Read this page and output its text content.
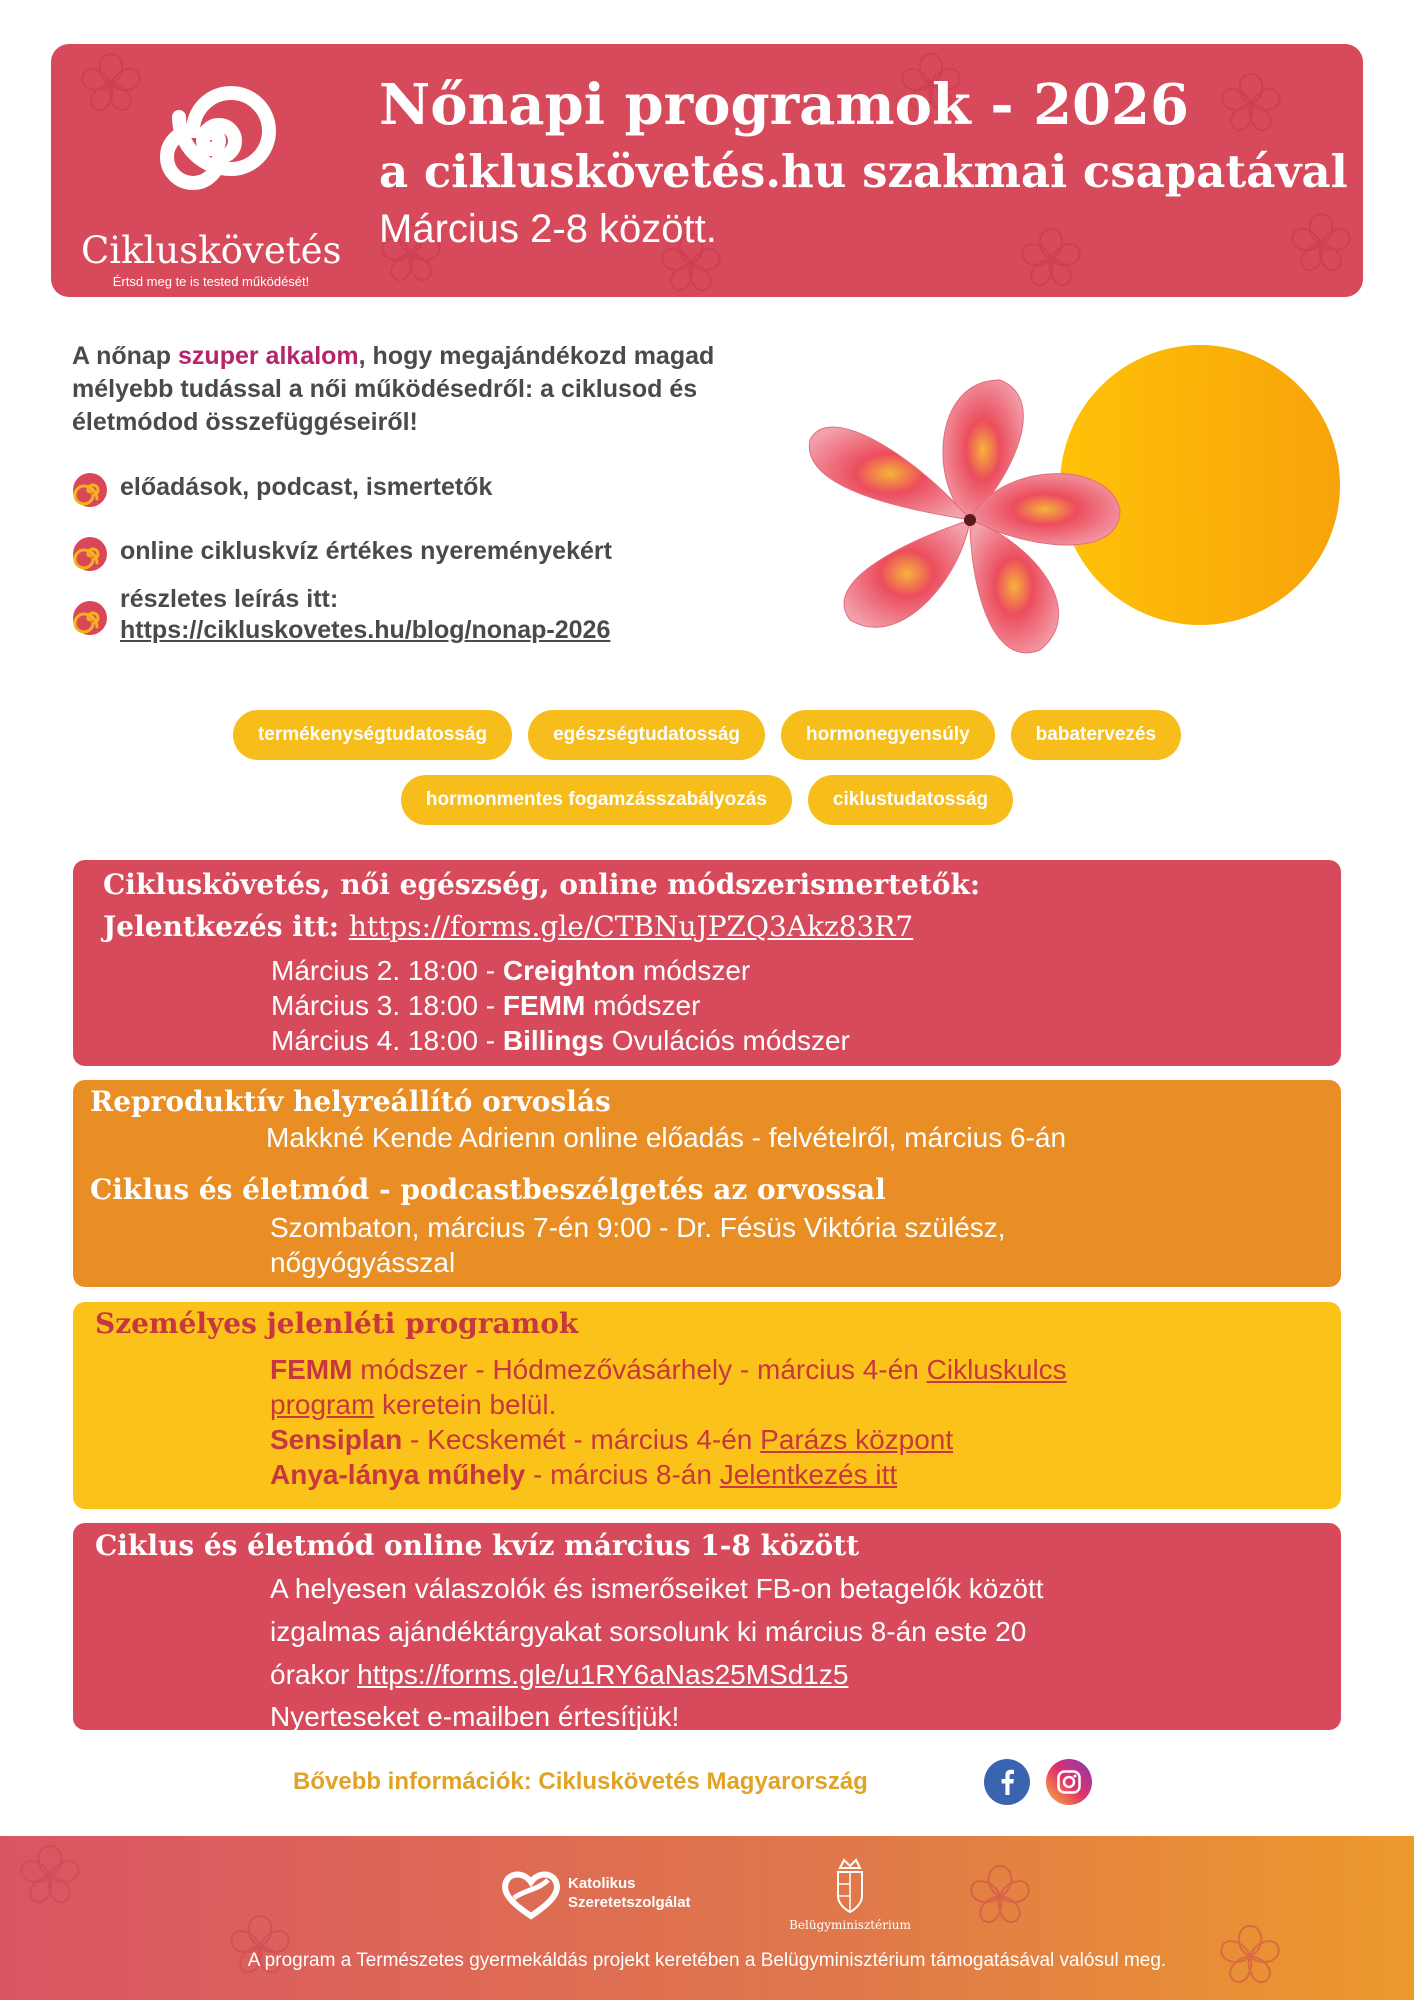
Cikluskövetés
Értsd meg te is tested működését!
Nőnapi programok - 2026
a cikluskövetés.hu szakmai csapatával
Március 2-8 között.
A nőnap szuper alkalom, hogy megajándékozd magad mélyebb tudással a női működésedről: a ciklusod és életmódod összefüggéseiről!
előadások, podcast, ismertetők
online cikluskvíz értékes nyereményekért
részletes leírás itt:
https://cikluskovetes.hu/blog/nonap-2026
termékenységtudatosság	egészségtudatosság	hormonegyensúly	babatervezés
hormonmentes fogamzásszabályozás	ciklustudatosság
Cikluskövetés, női egészség, online módszerismertetők:
Jelentkezés itt: https://forms.gle/CTBNuJPZQ3Akz83R7
Március 2. 18:00 - Creighton módszer
Március 3. 18:00 - FEMM módszer
Március 4. 18:00 - Billings Ovulációs módszer
Reproduktív helyreállító orvoslás
Makkné Kende Adrienn online előadás - felvételről, március 6-án
Ciklus és életmód - podcastbeszélgetés az orvossal
Szombaton, március 7-én 9:00 - Dr. Fésüs Viktória szülész,
nőgyógyásszal
Személyes jelenléti programok
FEMM módszer - Hódmezővásárhely - március 4-én Cikluskulcs
program keretein belül.
Sensiplan - Kecskemét - március 4-én Parázs központ
Anya-lánya műhely - március 8-án Jelentkezés itt
Ciklus és életmód online kvíz március 1-8 között
A helyesen válaszolók és ismerőseiket FB-on betagelők között
izgalmas ajándéktárgyakat sorsolunk ki március 8-án este 20
órakor https://forms.gle/u1RY6aNas25MSd1z5
Nyerteseket e-mailben értesítjük!
Bővebb információk: Cikluskövetés Magyarország
Katolikus
Szeretetszolgálat
Belügyminisztérium
A program a Természetes gyermekáldás projekt keretében a Belügyminisztérium támogatásával valósul meg.
